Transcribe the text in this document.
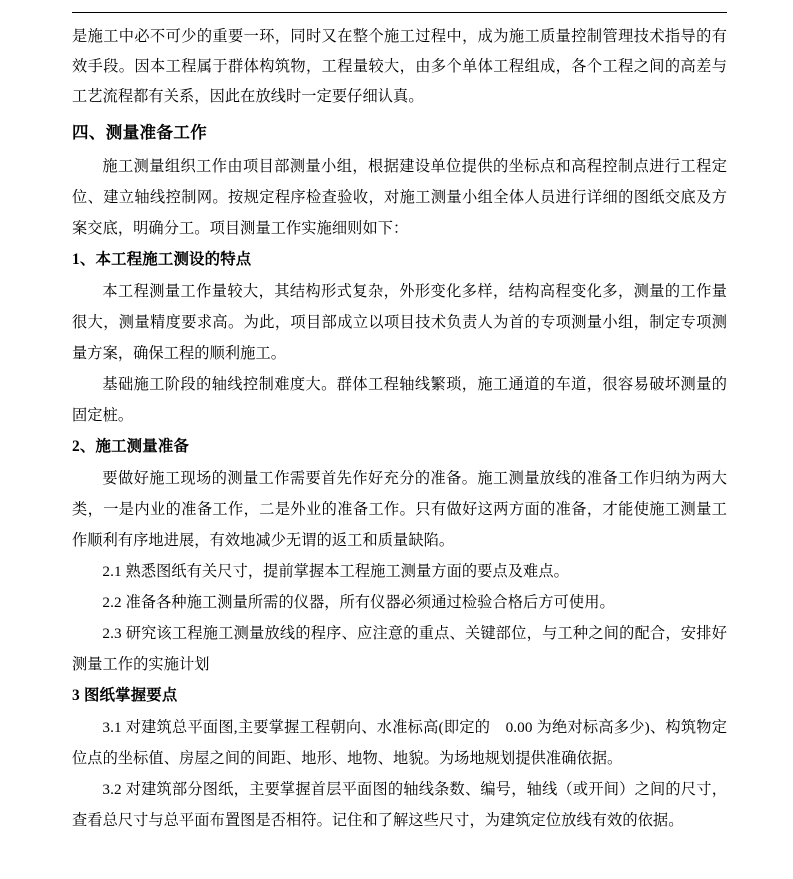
是施工中必不可少的重要一环，同时又在整个施工过程中，成为施工质量控制管理技术指导的有效手段。因本工程属于群体构筑物，工程量较大，由多个单体工程组成，各个工程之间的高差与工艺流程都有关系，因此在放线时一定要仔细认真。

四、测量准备工作

施工测量组织工作由项目部测量小组，根据建设单位提供的坐标点和高程控制点进行工程定位、建立轴线控制网。按规定程序检查验收，对施工测量小组全体人员进行详细的图纸交底及方案交底，明确分工。项目测量工作实施细则如下：

1、本工程施工测设的特点

本工程测量工作量较大，其结构形式复杂，外形变化多样，结构高程变化多，测量的工作量很大，测量精度要求高。为此，项目部成立以项目技术负责人为首的专项测量小组，制定专项测量方案，确保工程的顺利施工。

基础施工阶段的轴线控制难度大。群体工程轴线繁琐，施工通道的车道，很容易破坏测量的固定桩。

2、施工测量准备

要做好施工现场的测量工作需要首先作好充分的准备。施工测量放线的准备工作归纳为两大类，一是内业的准备工作，二是外业的准备工作。只有做好这两方面的准备，才能使施工测量工作顺利有序地进展，有效地减少无谓的返工和质量缺陷。

2.1 熟悉图纸有关尺寸，提前掌握本工程施工测量方面的要点及难点。

2.2 准备各种施工测量所需的仪器，所有仪器必须通过检验合格后方可使用。

2.3 研究该工程施工测量放线的程序、应注意的重点、关键部位，与工种之间的配合，安排好测量工作的实施计划

3 图纸掌握要点

3.1 对建筑总平面图,主要掌握工程朝向、水准标高(即定的　0.00 为绝对标高多少)、构筑物定位点的坐标值、房屋之间的间距、地形、地物、地貌。为场地规划提供准确依据。

3.2 对建筑部分图纸，主要掌握首层平面图的轴线条数、编号，轴线（或开间）之间的尺寸，查看总尺寸与总平面布置图是否相符。记住和了解这些尺寸，为建筑定位放线有效的依据。
